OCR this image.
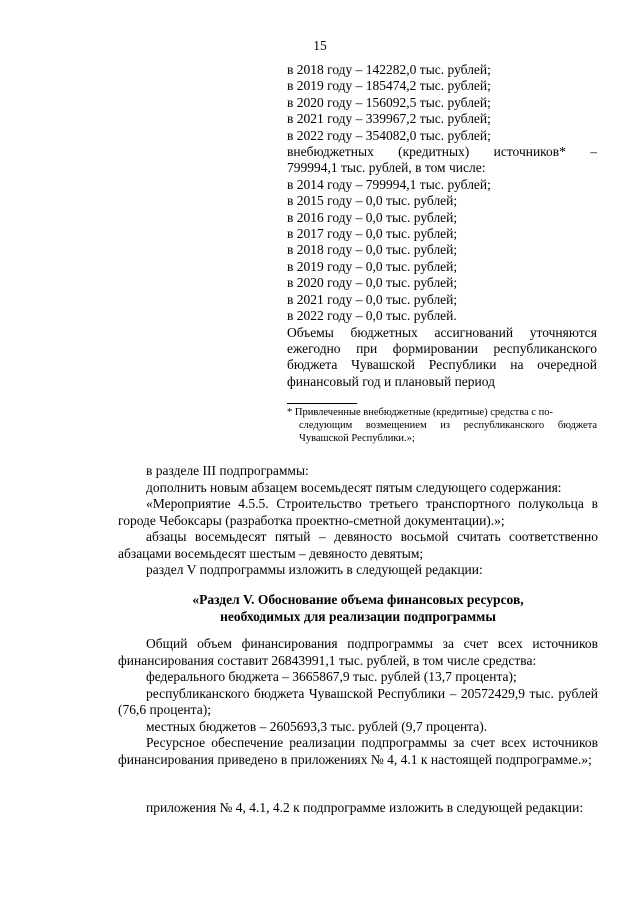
15
в 2018 году – 142282,0 тыс. рублей;
в 2019 году – 185474,2 тыс. рублей;
в 2020 году – 156092,5 тыс. рублей;
в 2021 году – 339967,2 тыс. рублей;
в 2022 году – 354082,0 тыс. рублей;
внебюджетных (кредитных) источников* –
799994,1 тыс. рублей, в том числе:
в 2014 году – 799994,1 тыс. рублей;
в 2015 году – 0,0 тыс. рублей;
в 2016 году – 0,0 тыс. рублей;
в 2017 году – 0,0 тыс. рублей;
в 2018 году – 0,0 тыс. рублей;
в 2019 году – 0,0 тыс. рублей;
в 2020 году – 0,0 тыс. рублей;
в 2021 году – 0,0 тыс. рублей;
в 2022 году – 0,0 тыс. рублей.
Объемы бюджетных ассигнований уточняются ежегодно при формировании республиканского бюджета Чувашской Республики на очередной финансовый год и плановый период
* Привлеченные внебюджетные (кредитные) средства с по-
следующим возмещением из республиканского бюджета
Чувашской Республики.»;

в разделе III подпрограммы:

дополнить новым абзацем восемьдесят пятым следующего содержания:

«Мероприятие 4.5.5. Строительство третьего транспортного полукольца в городе Чебоксары (разработка проектно-сметной документации).»;

абзацы восемьдесят пятый – девяносто восьмой считать соответственно абзацами восемьдесят шестым – девяносто девятым;

раздел V подпрограммы изложить в следующей редакции:

«Раздел V. Обоснование объема финансовых ресурсов,
необходимых для реализации подпрограммы

Общий объем финансирования подпрограммы за счет всех источников финансирования составит 26843991,1 тыс. рублей, в том числе средства:

федерального бюджета – 3665867,9 тыс. рублей (13,7 процента);

республиканского бюджета Чувашской Республики – 20572429,9 тыс. рублей (76,6 процента);

местных бюджетов – 2605693,3 тыс. рублей (9,7 процента).

Ресурсное обеспечение реализации подпрограммы за счет всех источников финансирования приведено в приложениях № 4, 4.1 к настоящей подпрограмме.»;

приложения № 4, 4.1, 4.2 к подпрограмме изложить в следующей редакции:
